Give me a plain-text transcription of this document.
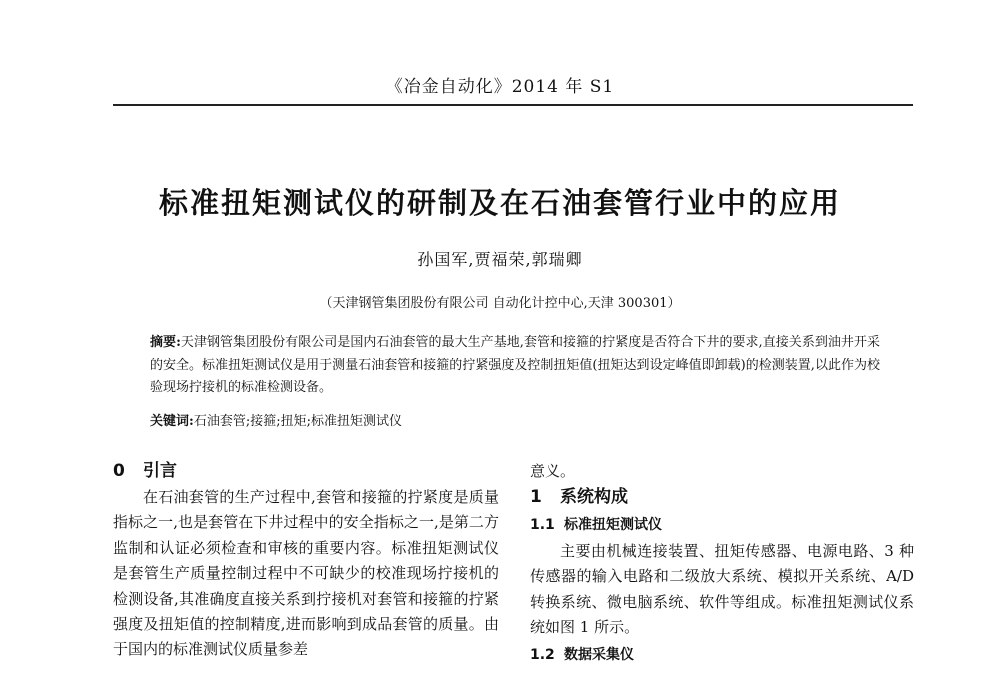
《冶金自动化》2014 年 S1
标准扭矩测试仪的研制及在石油套管行业中的应用
孙国军,贾福荣,郭瑞卿
（天津钢管集团股份有限公司 自动化计控中心,天津 300301）
摘要:天津钢管集团股份有限公司是国内石油套管的最大生产基地,套管和接箍的拧紧度是否符合下井的要求,直接关系到油井开采的安全。标准扭矩测试仪是用于测量石油套管和接箍的拧紧强度及控制扭矩值(扭矩达到设定峰值即卸载)的检测装置,以此作为校验现场拧接机的标准检测设备。
关键词:石油套管;接箍;扭矩;标准扭矩测试仪
0 引言

在石油套管的生产过程中,套管和接箍的拧紧度是质量指标之一,也是套管在下井过程中的安全指标之一,是第二方监制和认证必须检查和审核的重要内容。标准扭矩测试仪是套管生产质量控制过程中不可缺少的校准现场拧接机的检测设备,其准确度直接关系到拧接机对套管和接箍的拧紧强度及扭矩值的控制精度,进而影响到成品套管的质量。由于国内的标准测试仪质量参差

意义。

1 系统构成
1.1 标准扭矩测试仪

主要由机械连接装置、扭矩传感器、电源电路、3 种传感器的输入电路和二级放大系统、模拟开关系统、A/D 转换系统、微电脑系统、软件等组成。标准扭矩测试仪系统如图 1 所示。

1.2 数据采集仪
